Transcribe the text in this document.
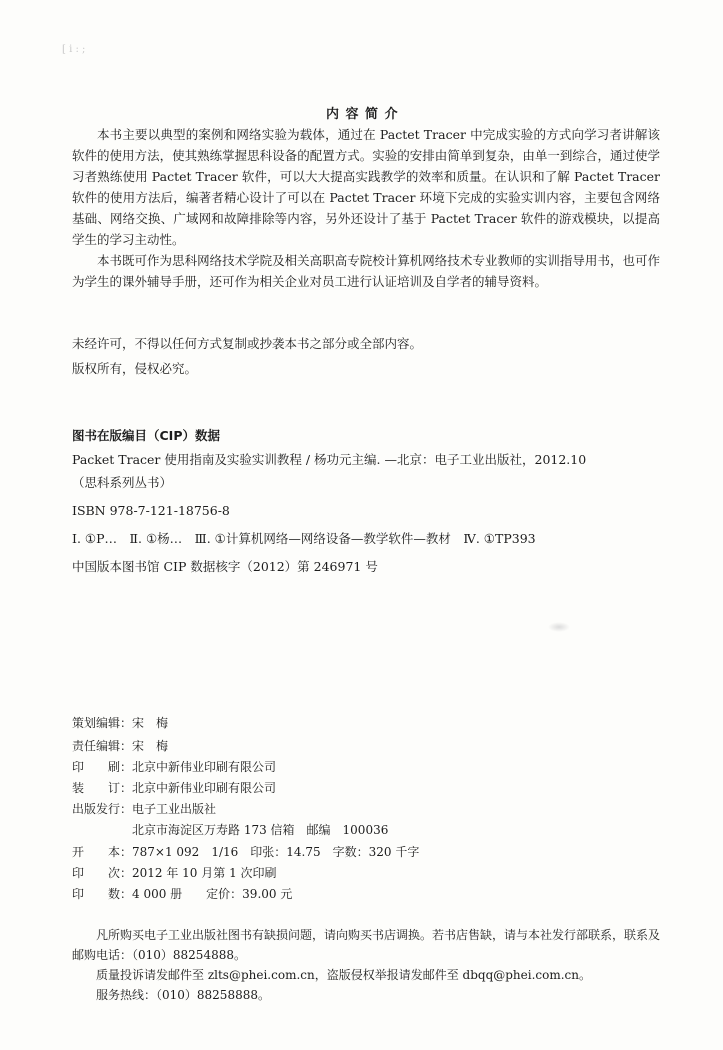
[ i : ;
内 容 简 介

本书主要以典型的案例和网络实验为载体，通过在 Pactet Tracer 中完成实验的方式向学习者讲解该软件的使用方法，使其熟练掌握思科设备的配置方式。实验的安排由简单到复杂，由单一到综合，通过使学习者熟练使用 Pactet Tracer 软件，可以大大提高实践教学的效率和质量。在认识和了解 Pactet Tracer 软件的使用方法后，编著者精心设计了可以在 Pactet Tracer 环境下完成的实验实训内容，主要包含网络基础、网络交换、广域网和故障排除等内容，另外还设计了基于 Pactet Tracer 软件的游戏模块，以提高学生的学习主动性。

本书既可作为思科网络技术学院及相关高职高专院校计算机网络技术专业教师的实训指导用书，也可作为学生的课外辅导手册，还可作为相关企业对员工进行认证培训及自学者的辅导资料。

未经许可，不得以任何方式复制或抄袭本书之部分或全部内容。
版权所有，侵权必究。
图书在版编目（CIP）数据
Packet Tracer 使用指南及实验实训教程 / 杨功元主编. —北京：电子工业出版社，2012.10
（思科系列丛书）
ISBN 978-7-121-18756-8
Ⅰ. ①P…　Ⅱ. ①杨…　Ⅲ. ①计算机网络—网络设备—教学软件—教材　Ⅳ. ①TP393
中国版本图书馆 CIP 数据核字（2012）第 246971 号
策划编辑：宋　梅
责任编辑：宋　梅
印　　刷：北京中新伟业印刷有限公司
装　　订：北京中新伟业印刷有限公司
出版发行：电子工业出版社
北京市海淀区万寿路 173 信箱　邮编　100036
开　　本：787×1 092　1/16　印张：14.75　字数：320 千字
印　　次：2012 年 10 月第 1 次印刷
印　　数：4 000 册　　定价：39.00 元

凡所购买电子工业出版社图书有缺损问题，请向购买书店调换。若书店售缺，请与本社发行部联系，联系及邮购电话：（010）88254888。

质量投诉请发邮件至 zlts@phei.com.cn，盗版侵权举报请发邮件至 dbqq@phei.com.cn。

服务热线：（010）88258888。
